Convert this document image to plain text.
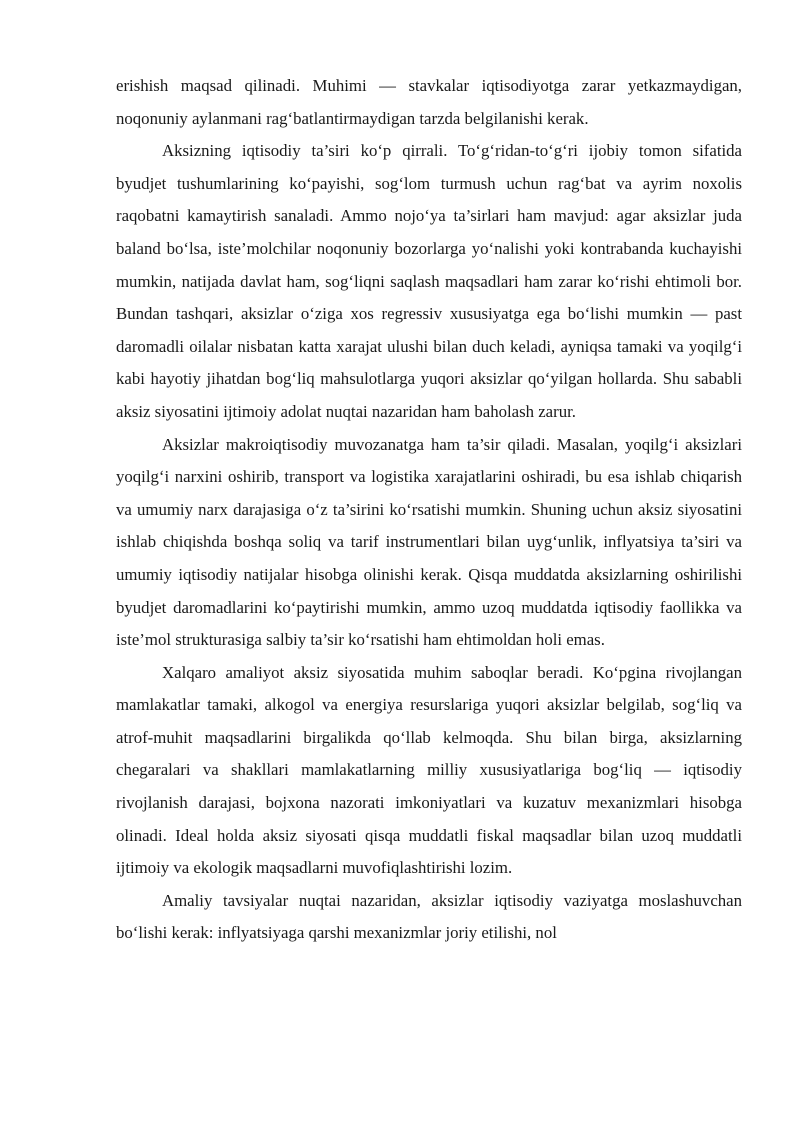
erishish maqsad qilinadi. Muhimi — stavkalar iqtisodiyotga zarar yetkazmaydigan, noqonuniy aylanmani rag‘batlantirmaydigan tarzda belgilanishi kerak.

Aksizning iqtisodiy ta’siri ko‘p qirrali. To‘g‘ridan-to‘g‘ri ijobiy tomon sifatida byudjet tushumlarining ko‘payishi, sog‘lom turmush uchun rag‘bat va ayrim noxolis raqobatni kamaytirish sanaladi. Ammo nojo‘ya ta’sirlari ham mavjud: agar aksizlar juda baland bo‘lsa, iste’molchilar noqonuniy bozorlarga yo‘nalishi yoki kontrabanda kuchayishi mumkin, natijada davlat ham, sog‘liqni saqlash maqsadlari ham zarar ko‘rishi ehtimoli bor. Bundan tashqari, aksizlar o‘ziga xos regressiv xususiyatga ega bo‘lishi mumkin — past daromadli oilalar nisbatan katta xarajat ulushi bilan duch keladi, ayniqsa tamaki va yoqilg‘i kabi hayotiy jihatdan bog‘liq mahsulotlarga yuqori aksizlar qo‘yilgan hollarda. Shu sababli aksiz siyosatini ijtimoiy adolat nuqtai nazaridan ham baholash zarur.

Aksizlar makroiqtisodiy muvozanatga ham ta’sir qiladi. Masalan, yoqilg‘i aksizlari yoqilg‘i narxini oshirib, transport va logistika xarajatlarini oshiradi, bu esa ishlab chiqarish va umumiy narx darajasiga o‘z ta’sirini ko‘rsatishi mumkin. Shuning uchun aksiz siyosatini ishlab chiqishda boshqa soliq va tarif instrumentlari bilan uyg‘unlik, inflyatsiya ta’siri va umumiy iqtisodiy natijalar hisobga olinishi kerak. Qisqa muddatda aksizlarning oshirilishi byudjet daromadlarini ko‘paytirishi mumkin, ammo uzoq muddatda iqtisodiy faollikka va iste’mol strukturasiga salbiy ta’sir ko‘rsatishi ham ehtimoldan holi emas.

Xalqaro amaliyot aksiz siyosatida muhim saboqlar beradi. Ko‘pgina rivojlangan mamlakatlar tamaki, alkogol va energiya resurslariga yuqori aksizlar belgilab, sog‘liq va atrof-muhit maqsadlarini birgalikda qo‘llab kelmoqda. Shu bilan birga, aksizlarning chegaralari va shakllari mamlakatlarning milliy xususiyatlariga bog‘liq — iqtisodiy rivojlanish darajasi, bojxona nazorati imkoniyatlari va kuzatuv mexanizmlari hisobga olinadi. Ideal holda aksiz siyosati qisqa muddatli fiskal maqsadlar bilan uzoq muddatli ijtimoiy va ekologik maqsadlarni muvofiqlashtirishi lozim.

Amaliy tavsiyalar nuqtai nazaridan, aksizlar iqtisodiy vaziyatga moslashuvchan bo‘lishi kerak: inflyatsiyaga qarshi mexanizmlar joriy etilishi, nol
